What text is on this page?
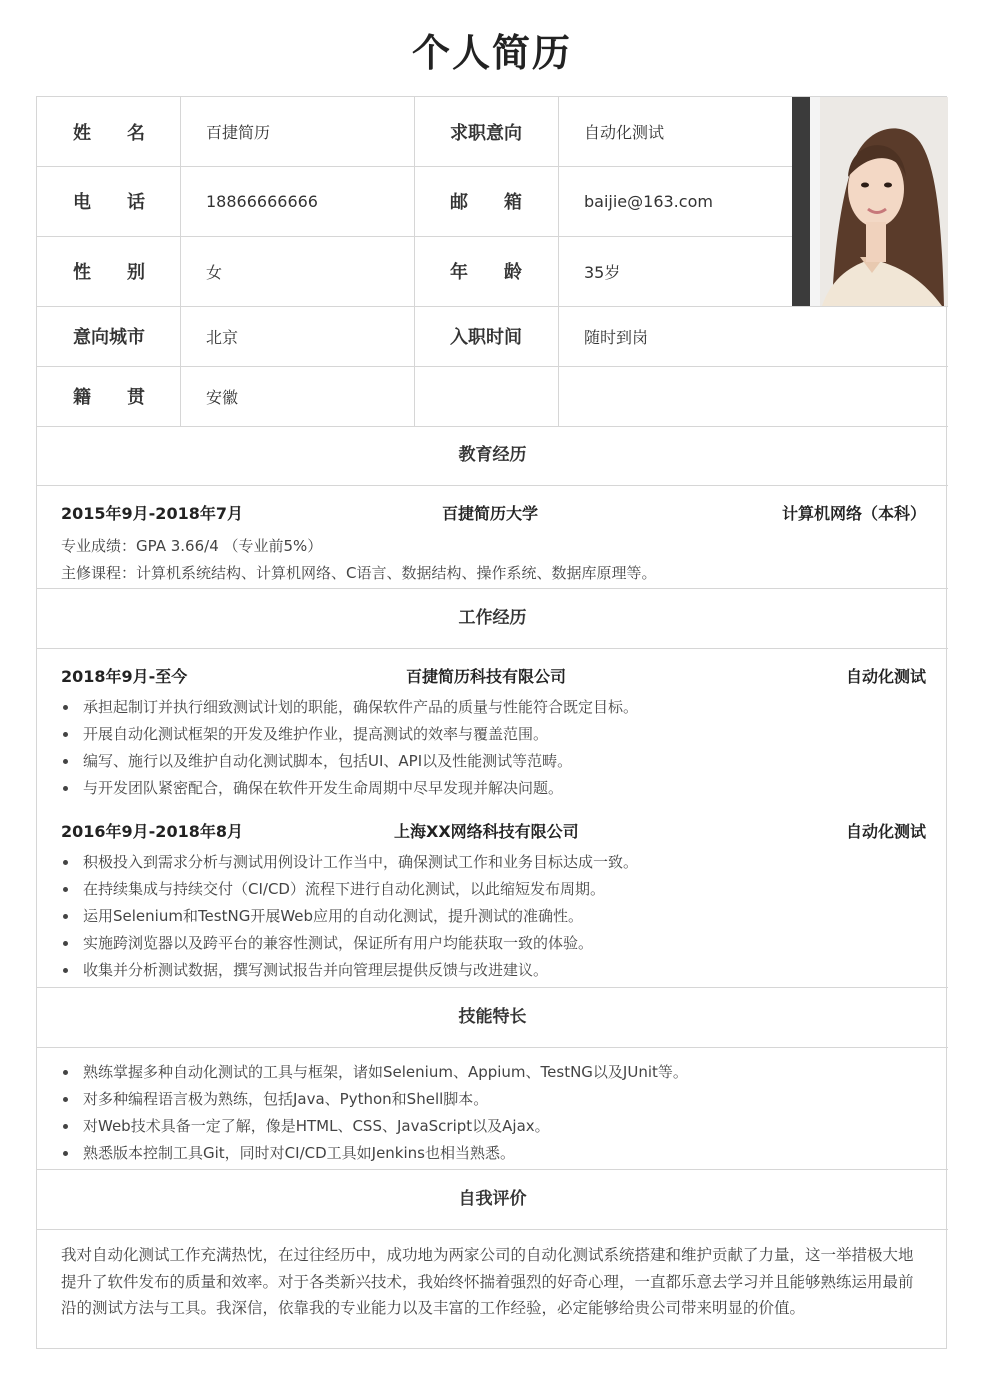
个人简历
姓　　名	百捷简历	求职意向	自动化测试
电　　话	18866666666	邮　　箱	baijie@163.com
性　　别	女	年　　龄	35岁
意向城市	北京	入职时间	随时到岗
籍　　贯	安徽
教育经历
2015年9月-2018年7月	百捷简历大学	计算机网络（本科）
专业成绩：GPA 3.66/4 （专业前5%）
主修课程：计算机系统结构、计算机网络、C语言、数据结构、操作系统、数据库原理等。
工作经历
2018年9月-至今	百捷简历科技有限公司	自动化测试
承担起制订并执行细致测试计划的职能，确保软件产品的质量与性能符合既定目标。
开展自动化测试框架的开发及维护作业，提高测试的效率与覆盖范围。
编写、施行以及维护自动化测试脚本，包括UI、API以及性能测试等范畴。
与开发团队紧密配合，确保在软件开发生命周期中尽早发现并解决问题。
2016年9月-2018年8月	上海XX网络科技有限公司	自动化测试
积极投入到需求分析与测试用例设计工作当中，确保测试工作和业务目标达成一致。
在持续集成与持续交付（CI/CD）流程下进行自动化测试，以此缩短发布周期。
运用Selenium和TestNG开展Web应用的自动化测试，提升测试的准确性。
实施跨浏览器以及跨平台的兼容性测试，保证所有用户均能获取一致的体验。
收集并分析测试数据，撰写测试报告并向管理层提供反馈与改进建议。
技能特长
熟练掌握多种自动化测试的工具与框架，诸如Selenium、Appium、TestNG以及JUnit等。
对多种编程语言极为熟练，包括Java、Python和Shell脚本。
对Web技术具备一定了解，像是HTML、CSS、JavaScript以及Ajax。
熟悉版本控制工具Git，同时对CI/CD工具如Jenkins也相当熟悉。
自我评价
我对自动化测试工作充满热忱，在过往经历中，成功地为两家公司的自动化测试系统搭建和维护贡献了力量，这一举措极大地提升了软件发布的质量和效率。对于各类新兴技术，我始终怀揣着强烈的好奇心理，一直都乐意去学习并且能够熟练运用最前沿的测试方法与工具。我深信，依靠我的专业能力以及丰富的工作经验，必定能够给贵公司带来明显的价值。
